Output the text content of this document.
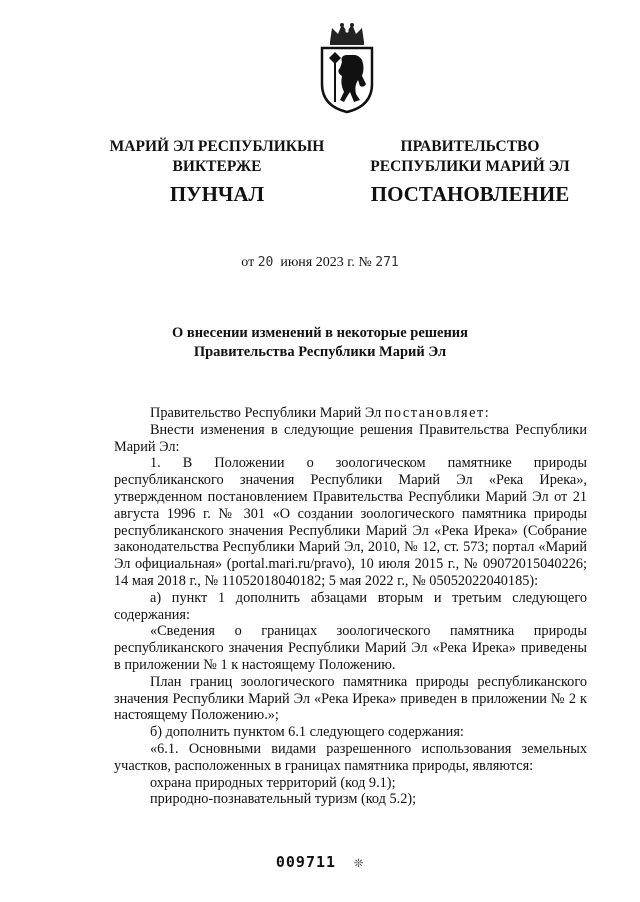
МАРИЙ ЭЛ РЕСПУБЛИКЫН
ВИКТЕРЖЕ
ПУНЧАЛ
ПРАВИТЕЛЬСТВО
РЕСПУБЛИКИ МАРИЙ ЭЛ
ПОСТАНОВЛЕНИЕ
от 20 июня 2023 г. № 271
О внесении изменений в некоторые решения
Правительства Республики Марий Эл

Правительство Республики Марий Эл постановляет:

Внести изменения в следующие решения Правительства Республики Марий Эл:

1. В Положении о зоологическом памятнике природы республиканского значения Республики Марий Эл «Река Ирека», утвержденном постановлением Правительства Республики Марий Эл от 21 августа 1996 г. № 301 «О создании зоологического памятника природы республиканского значения Республики Марий Эл «Река Ирека» (Собрание законодательства Республики Марий Эл, 2010, № 12, ст. 573; портал «Марий Эл официальная» (portal.mari.ru/pravo), 10 июля 2015 г., № 09072015040226; 14 мая 2018 г., № 11052018040182; 5 мая 2022 г., № 05052022040185):

а) пункт 1 дополнить абзацами вторым и третьим следующего содержания:

«Сведения о границах зоологического памятника природы республиканского значения Республики Марий Эл «Река Ирека» приведены в приложении № 1 к настоящему Положению.

План границ зоологического памятника природы республиканского значения Республики Марий Эл «Река Ирека» приведен в приложении № 2 к настоящему Положению.»;

б) дополнить пунктом 6.1 следующего содержания:

«6.1. Основными видами разрешенного использования земельных участков, расположенных в границах памятника природы, являются:

охрана природных территорий (код 9.1);

природно-познавательный туризм (код 5.2);

009711 ❊
